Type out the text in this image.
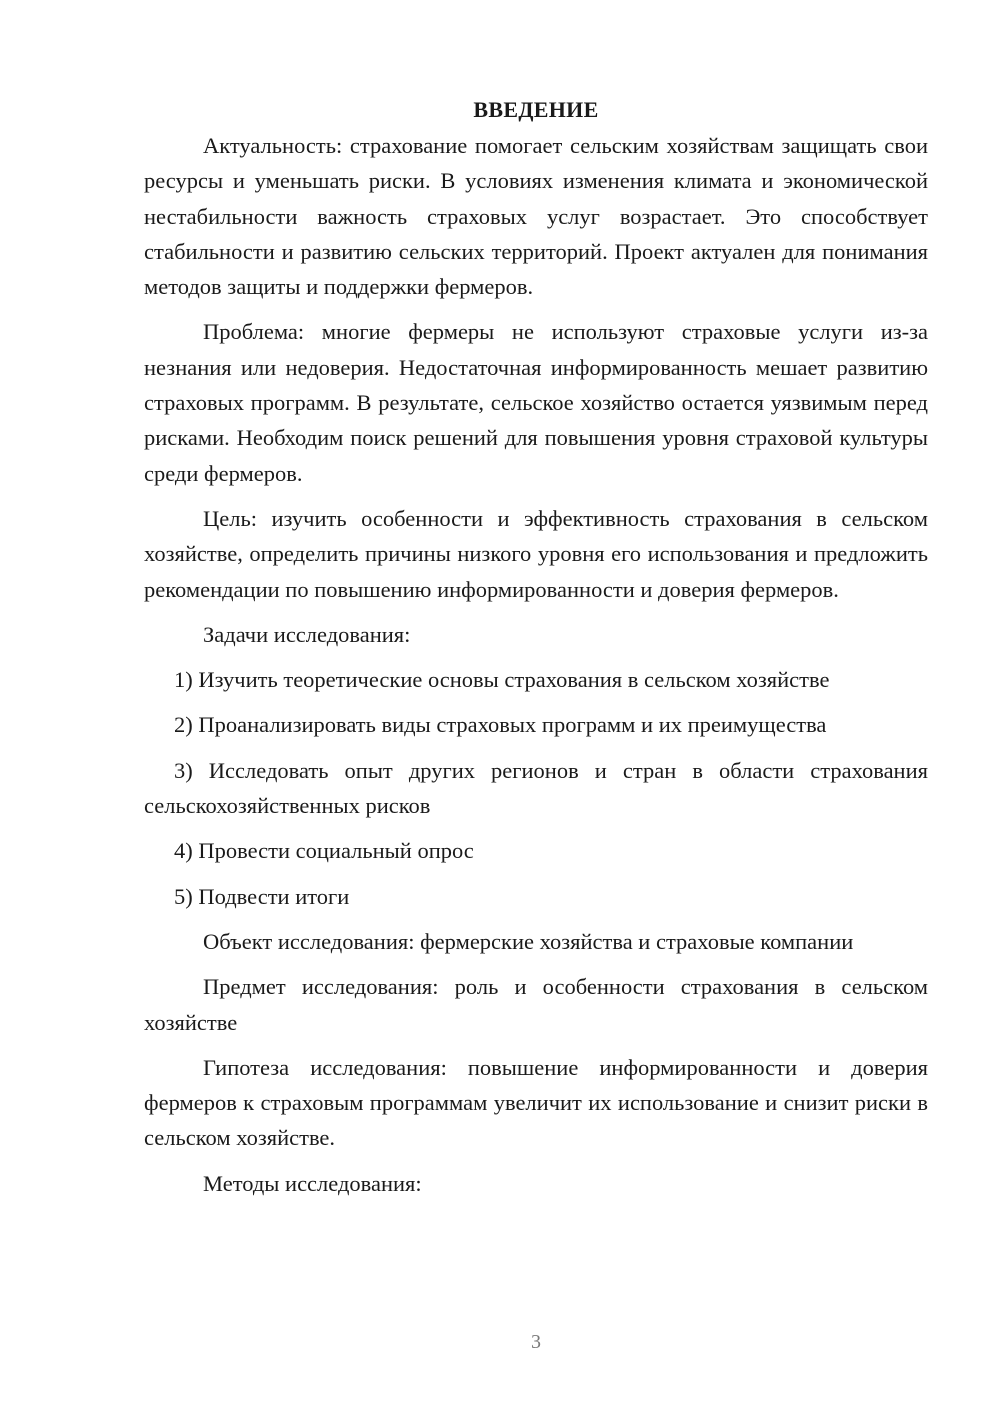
ВВЕДЕНИЕ

Актуальность: страхование помогает сельским хозяйствам защищать свои ресурсы и уменьшать риски. В условиях изменения климата и экономической нестабильности важность страховых услуг возрастает. Это способствует стабильности и развитию сельских территорий. Проект актуален для понимания методов защиты и поддержки фермеров.

Проблема: многие фермеры не используют страховые услуги из-за незнания или недоверия. Недостаточная информированность мешает развитию страховых программ. В результате, сельское хозяйство остается уязвимым перед рисками. Необходим поиск решений для повышения уровня страховой культуры среди фермеров.

Цель: изучить особенности и эффективность страхования в сельском хозяйстве, определить причины низкого уровня его использования и предложить рекомендации по повышению информированности и доверия фермеров.

Задачи исследования:

1) Изучить теоретические основы страхования в сельском хозяйстве

2) Проанализировать виды страховых программ и их преимущества

3) Исследовать опыт других регионов и стран в области страхования сельскохозяйственных рисков

4) Провести социальный опрос

5) Подвести итоги

Объект исследования: фермерские хозяйства и страховые компании

Предмет исследования: роль и особенности страхования в сельском хозяйстве

Гипотеза исследования: повышение информированности и доверия фермеров к страховым программам увеличит их использование и снизит риски в сельском хозяйстве.

Методы исследования:

3
